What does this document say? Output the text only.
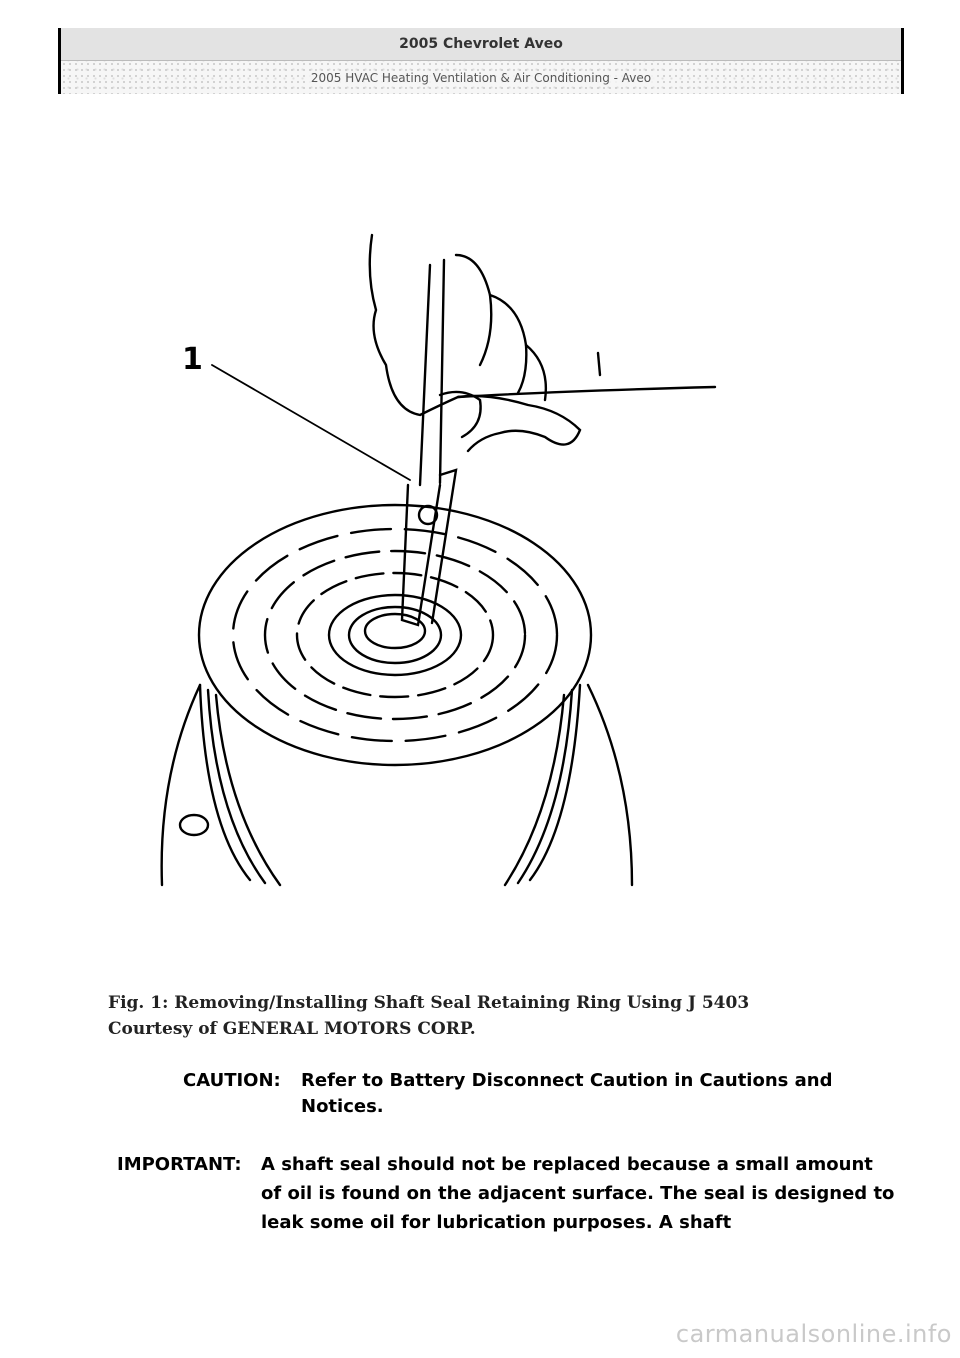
2005 Chevrolet Aveo
2005 HVAC Heating Ventilation & Air Conditioning - Aveo
1
Fig. 1: Removing/Installing Shaft Seal Retaining Ring Using J 5403
Courtesy of GENERAL MOTORS CORP.
CAUTION:	Refer to Battery Disconnect Caution in Cautions and Notices.
IMPORTANT:	A shaft seal should not be replaced because a small amount of oil is found on the adjacent surface. The seal is designed to leak some oil for lubrication purposes. A shaft
carmanualsonline.info
